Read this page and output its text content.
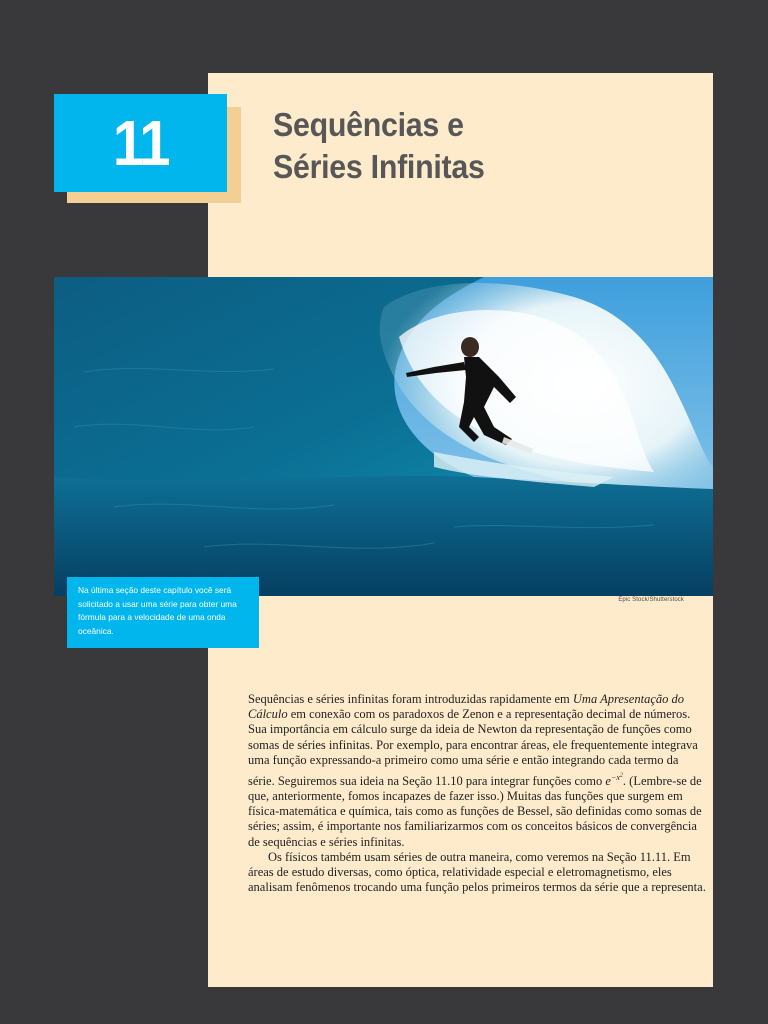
11	Sequências e
Séries Infinitas
Epic Stock/Shutterstock
Na última seção deste capítulo você será solicitado a usar uma série para obter uma fórmula para a velocidade de uma onda oceânica.

Sequências e séries infinitas foram introduzidas rapidamente em Uma Apresentação do Cálculo em conexão com os paradoxos de Zenon e a representação decimal de números. Sua importância em cálculo surge da ideia de Newton da representação de funções como somas de séries infinitas. Por exemplo, para encontrar áreas, ele frequentemente integrava uma função expressando-a primeiro como uma série e então integrando cada termo da série. Seguiremos sua ideia na Seção 11.10 para integrar funções como $e^{-x^2}$. (Lembre-se de que, anteriormente, fomos incapazes de fazer isso.) Muitas das funções que surgem em física-matemática e química, tais como as funções de Bessel, são definidas como somas de séries; assim, é importante nos familiarizarmos com os conceitos básicos de convergência de sequências e séries infinitas.

Os físicos também usam séries de outra maneira, como veremos na Seção 11.11. Em áreas de estudo diversas, como óptica, relatividade especial e eletromagnetismo, eles analisam fenômenos trocando uma função pelos primeiros termos da série que a representa.
